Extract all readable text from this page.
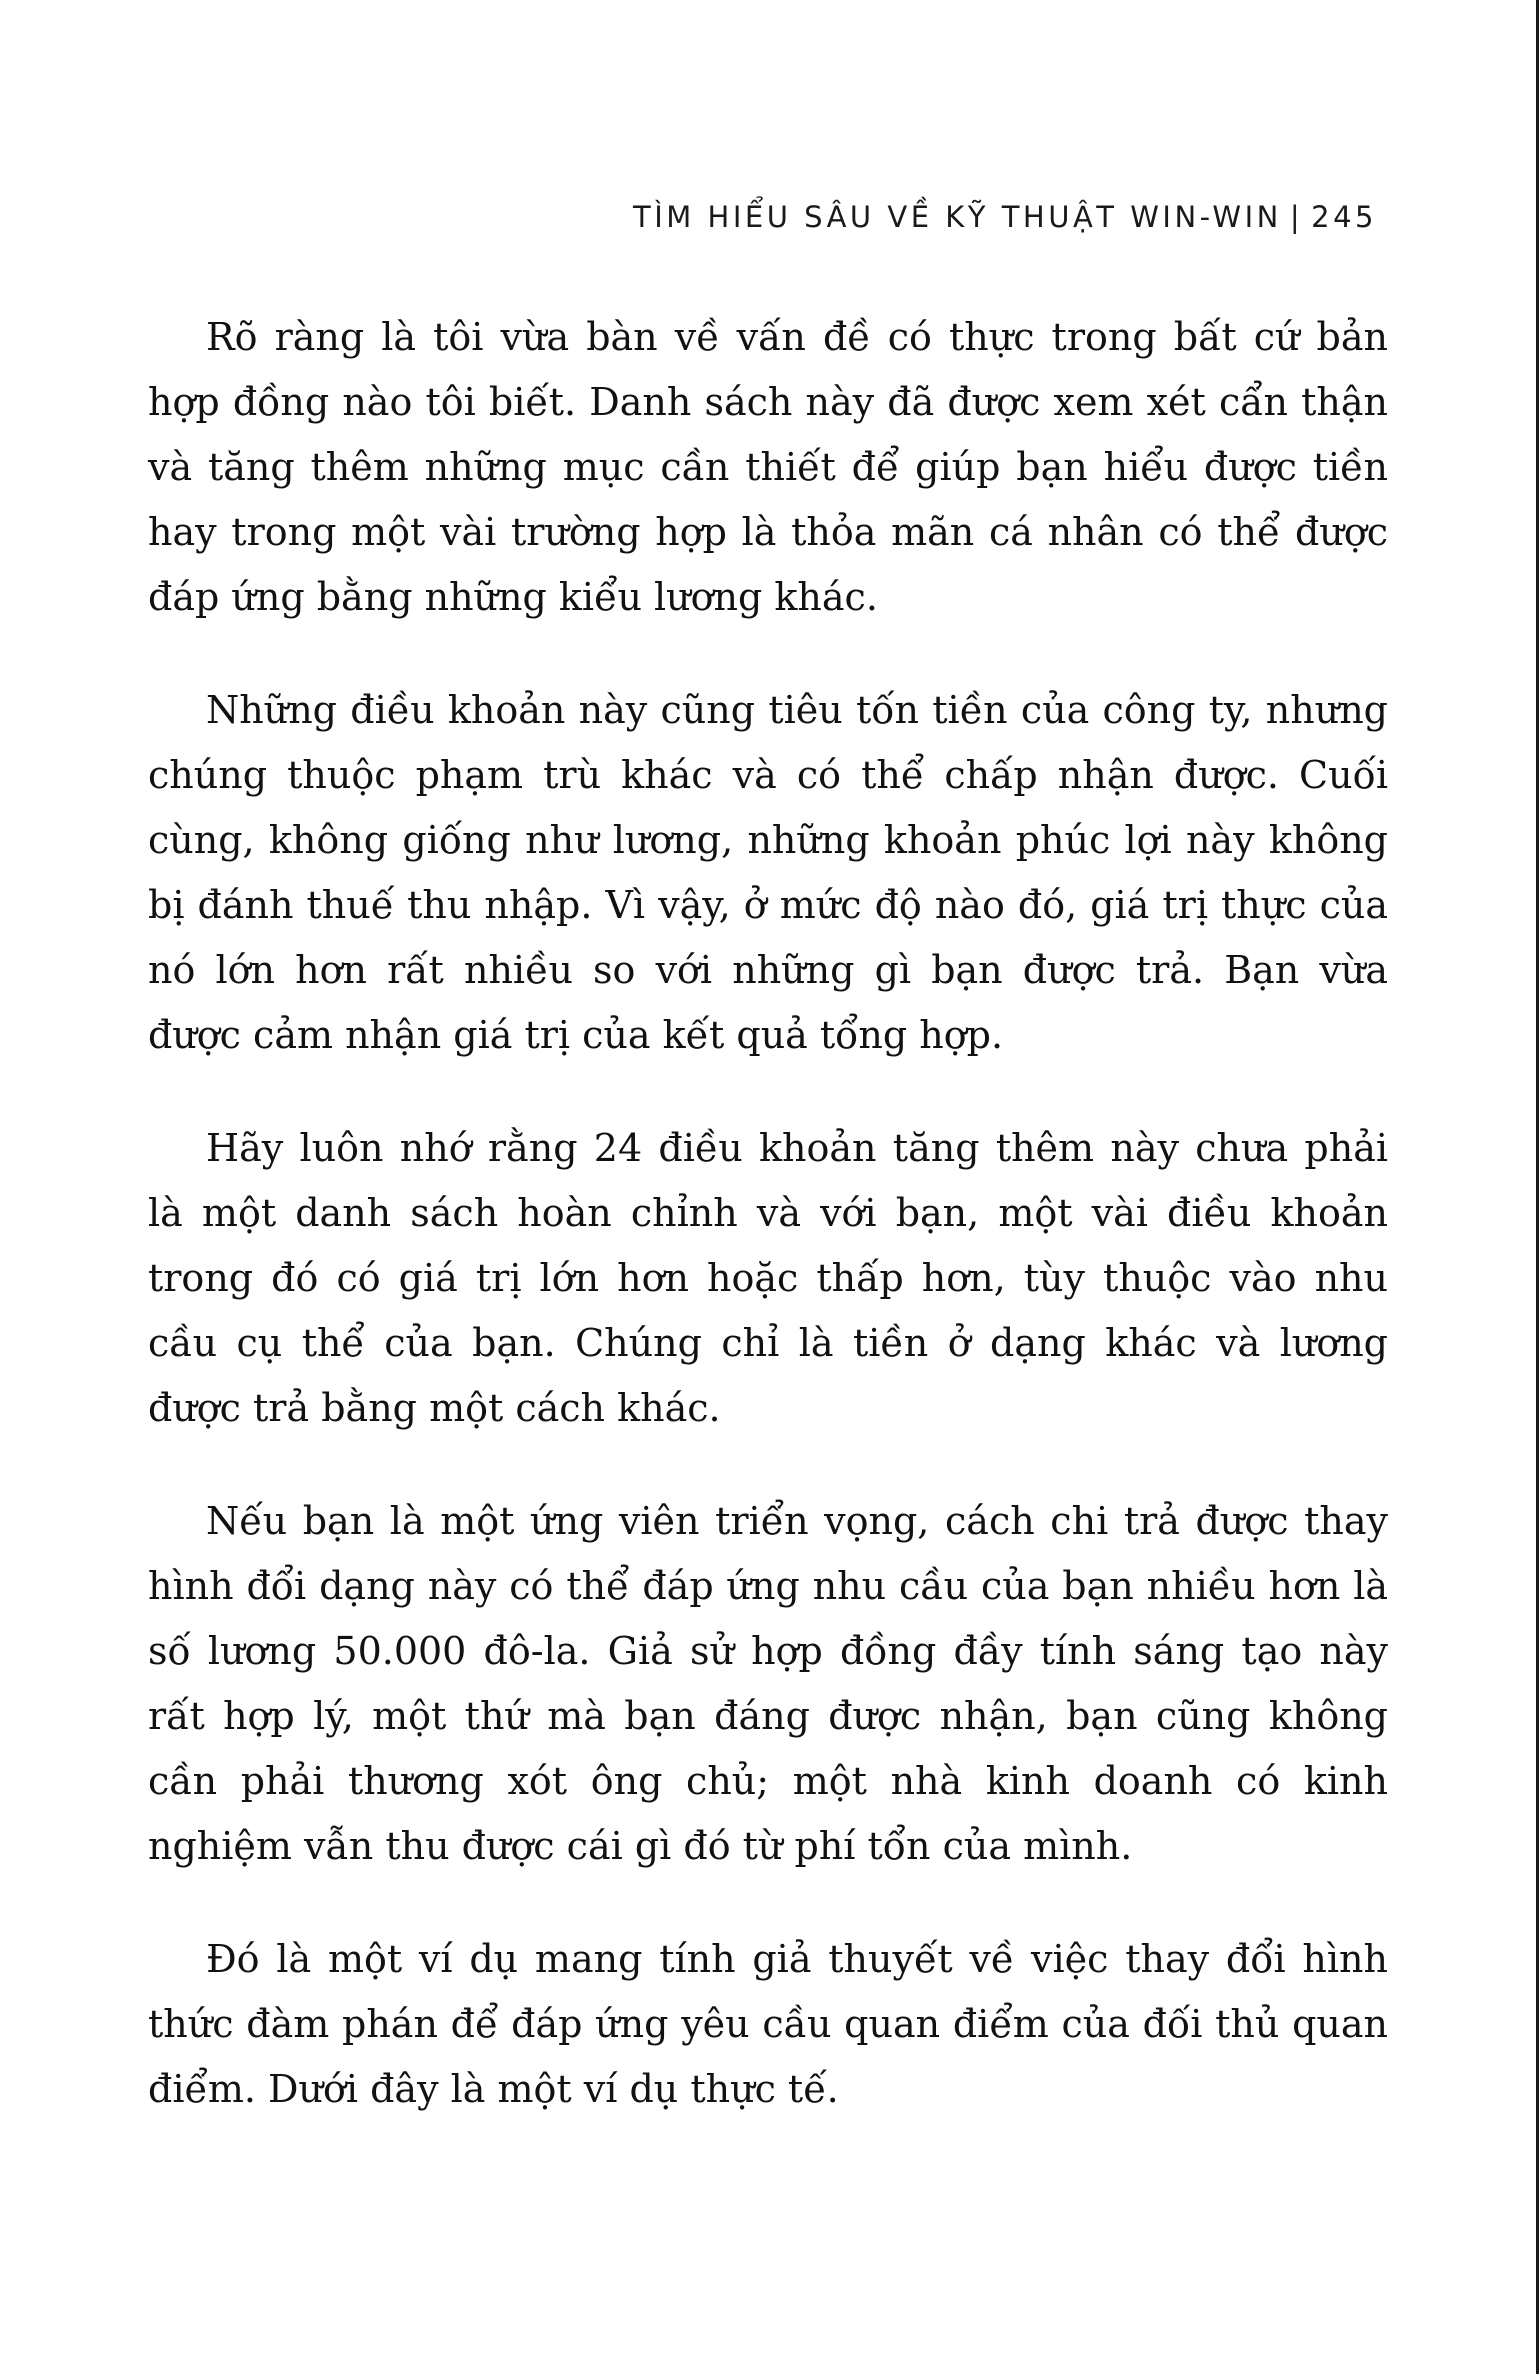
TÌM HIỂU SÂU VỀ KỸ THUẬT WIN-WIN | 245

Rõ ràng là tôi vừa bàn về vấn đề có thực trong bất cứ bản hợp đồng nào tôi biết. Danh sách này đã được xem xét cẩn thận và tăng thêm những mục cần thiết để giúp bạn hiểu được tiền hay trong một vài trường hợp là thỏa mãn cá nhân có thể được đáp ứng bằng những kiểu lương khác.

Những điều khoản này cũng tiêu tốn tiền của công ty, nhưng chúng thuộc phạm trù khác và có thể chấp nhận được. Cuối cùng, không giống như lương, những khoản phúc lợi này không bị đánh thuế thu nhập. Vì vậy, ở mức độ nào đó, giá trị thực của nó lớn hơn rất nhiều so với những gì bạn được trả. Bạn vừa được cảm nhận giá trị của kết quả tổng hợp.

Hãy luôn nhớ rằng 24 điều khoản tăng thêm này chưa phải là một danh sách hoàn chỉnh và với bạn, một vài điều khoản trong đó có giá trị lớn hơn hoặc thấp hơn, tùy thuộc vào nhu cầu cụ thể của bạn. Chúng chỉ là tiền ở dạng khác và lương được trả bằng một cách khác.

Nếu bạn là một ứng viên triển vọng, cách chi trả được thay hình đổi dạng này có thể đáp ứng nhu cầu của bạn nhiều hơn là số lương 50.000 đô-la. Giả sử hợp đồng đầy tính sáng tạo này rất hợp lý, một thứ mà bạn đáng được nhận, bạn cũng không cần phải thương xót ông chủ; một nhà kinh doanh có kinh nghiệm vẫn thu được cái gì đó từ phí tổn của mình.

Đó là một ví dụ mang tính giả thuyết về việc thay đổi hình thức đàm phán để đáp ứng yêu cầu quan điểm của đối thủ quan điểm. Dưới đây là một ví dụ thực tế.
